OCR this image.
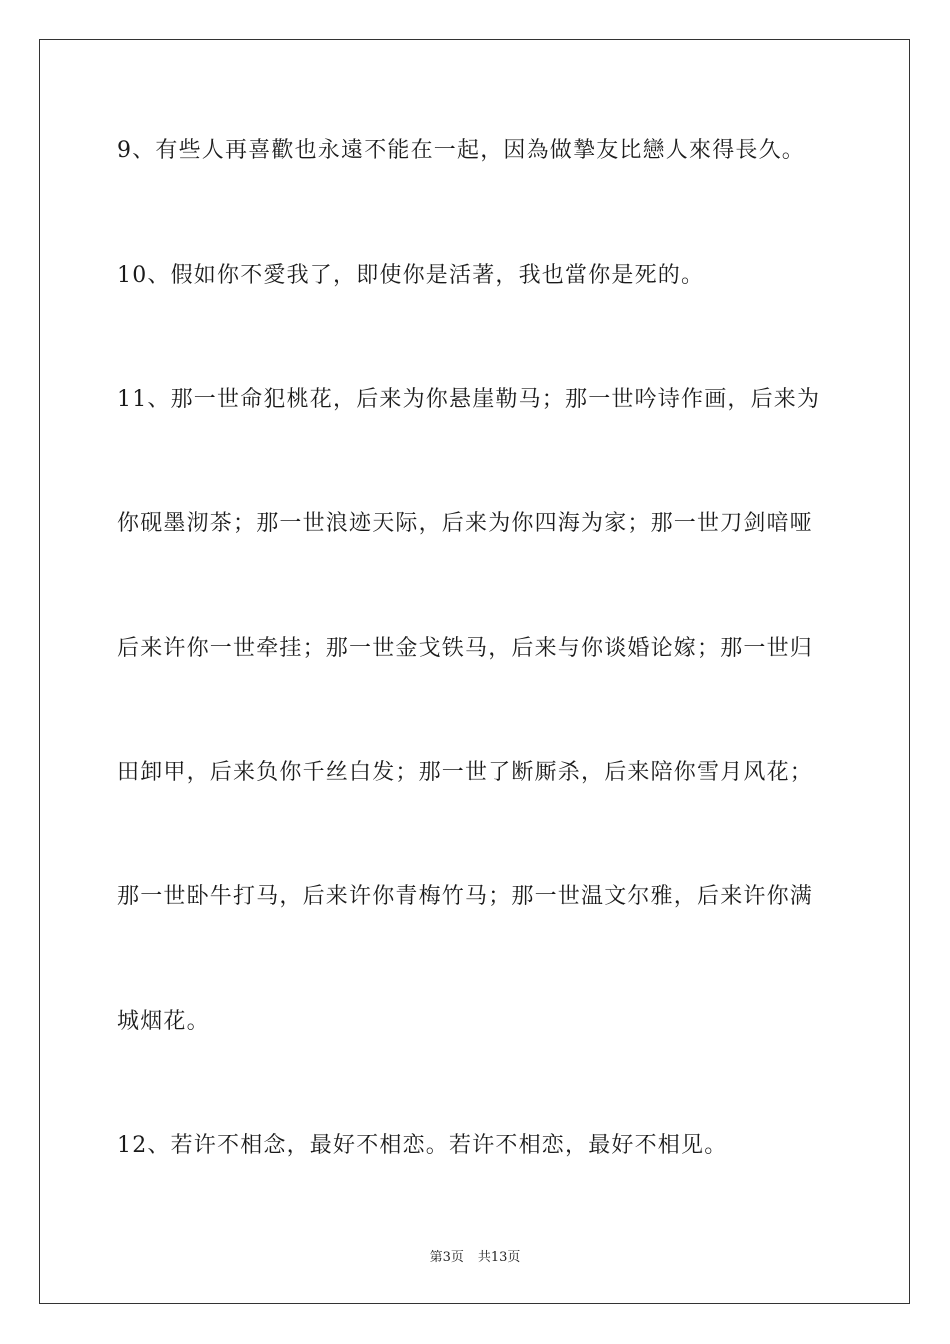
9、有些人再喜歡也永遠不能在一起，因為做摯友比戀人來得長久。
10、假如你不愛我了，即使你是活著，我也當你是死的。
11、那一世命犯桃花，后来为你悬崖勒马；那一世吟诗作画，后来为
你砚墨沏茶；那一世浪迹天际，后来为你四海为家；那一世刀剑喑哑
后来许你一世牵挂；那一世金戈铁马，后来与你谈婚论嫁；那一世归
田卸甲，后来负你千丝白发；那一世了断厮杀，后来陪你雪月风花；
那一世卧牛打马，后来许你青梅竹马；那一世温文尔雅，后来许你满
城烟花。
12、若许不相念，最好不相恋。若许不相恋，最好不相见。
第3页 共13页
